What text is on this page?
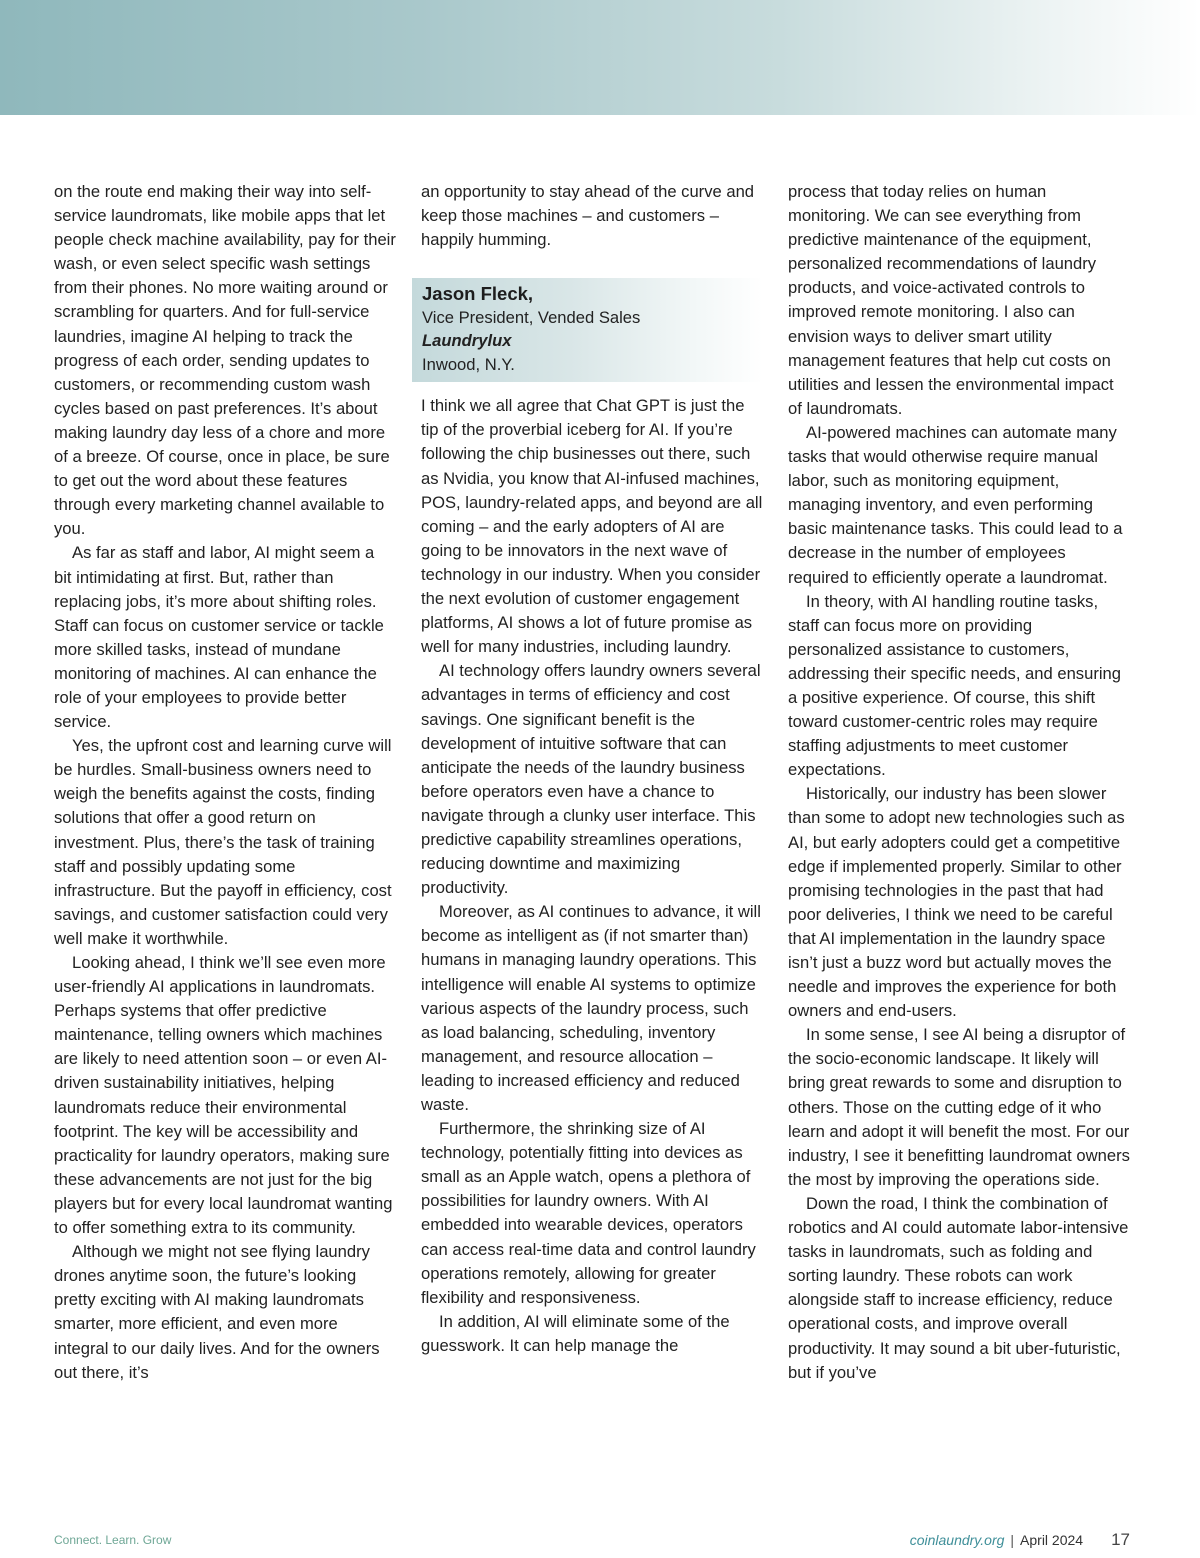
on the route end making their way into self-service laundromats, like mobile apps that let people check machine availability, pay for their wash, or even select specific wash settings from their phones. No more waiting around or scrambling for quarters. And for full-service laundries, imagine AI helping to track the progress of each order, sending updates to customers, or recommending custom wash cycles based on past preferences. It’s about making laundry day less of a chore and more of a breeze. Of course, once in place, be sure to get out the word about these features through every marketing channel available to you.

As far as staff and labor, AI might seem a bit intimidating at first. But, rather than replacing jobs, it’s more about shifting roles. Staff can focus on customer service or tackle more skilled tasks, instead of mundane monitoring of machines. AI can enhance the role of your employees to provide better service.

Yes, the upfront cost and learning curve will be hurdles. Small-business owners need to weigh the benefits against the costs, finding solutions that offer a good return on investment. Plus, there’s the task of training staff and possibly updating some infrastructure. But the payoff in efficiency, cost savings, and customer satisfaction could very well make it worthwhile.

Looking ahead, I think we’ll see even more user-friendly AI applications in laundromats. Perhaps systems that offer predictive maintenance, telling owners which machines are likely to need attention soon – or even AI-driven sustainability initiatives, helping laundromats reduce their environmental footprint. The key will be accessibility and practicality for laundry operators, making sure these advancements are not just for the big players but for every local laundromat wanting to offer something extra to its community.

Although we might not see flying laundry drones anytime soon, the future’s looking pretty exciting with AI making laundromats smarter, more efficient, and even more integral to our daily lives. And for the owners out there, it’s

an opportunity to stay ahead of the curve and keep those machines – and customers – happily humming.

Jason Fleck,
Vice President, Vended Sales
Laundrylux
Inwood, N.Y.

I think we all agree that Chat GPT is just the tip of the proverbial iceberg for AI. If you’re following the chip businesses out there, such as Nvidia, you know that AI-infused machines, POS, laundry-related apps, and beyond are all coming – and the early adopters of AI are going to be innovators in the next wave of technology in our industry. When you consider the next evolution of customer engagement platforms, AI shows a lot of future promise as well for many industries, including laundry.

AI technology offers laundry owners several advantages in terms of efficiency and cost savings. One significant benefit is the development of intuitive software that can anticipate the needs of the laundry business before operators even have a chance to navigate through a clunky user interface. This predictive capability streamlines operations, reducing downtime and maximizing productivity.

Moreover, as AI continues to advance, it will become as intelligent as (if not smarter than) humans in managing laundry operations. This intelligence will enable AI systems to optimize various aspects of the laundry process, such as load balancing, scheduling, inventory management, and resource allocation – leading to increased efficiency and reduced waste.

Furthermore, the shrinking size of AI technology, potentially fitting into devices as small as an Apple watch, opens a plethora of possibilities for laundry owners. With AI embedded into wearable devices, operators can access real-time data and control laundry operations remotely, allowing for greater flexibility and responsiveness.

In addition, AI will eliminate some of the guesswork. It can help manage the

process that today relies on human monitoring. We can see everything from predictive maintenance of the equipment, personalized recommendations of laundry products, and voice-activated controls to improved remote monitoring. I also can envision ways to deliver smart utility management features that help cut costs on utilities and lessen the environmental impact of laundromats.

AI-powered machines can automate many tasks that would otherwise require manual labor, such as monitoring equipment, managing inventory, and even performing basic maintenance tasks. This could lead to a decrease in the number of employees required to efficiently operate a laundromat.

In theory, with AI handling routine tasks, staff can focus more on providing personalized assistance to customers, addressing their specific needs, and ensuring a positive experience. Of course, this shift toward customer-centric roles may require staffing adjustments to meet customer expectations.

Historically, our industry has been slower than some to adopt new technologies such as AI, but early adopters could get a competitive edge if implemented properly. Similar to other promising technologies in the past that had poor deliveries, I think we need to be careful that AI implementation in the laundry space isn’t just a buzz word but actually moves the needle and improves the experience for both owners and end-users.

In some sense, I see AI being a disruptor of the socio-economic landscape. It likely will bring great rewards to some and disruption to others. Those on the cutting edge of it who learn and adopt it will benefit the most. For our industry, I see it benefitting laundromat owners the most by improving the operations side.

Down the road, I think the combination of robotics and AI could automate labor-intensive tasks in laundromats, such as folding and sorting laundry. These robots can work alongside staff to increase efficiency, reduce operational costs, and improve overall productivity. It may sound a bit uber-futuristic, but if you’ve

Connect. Learn. Grow	coinlaundry.org | April 2024 17
